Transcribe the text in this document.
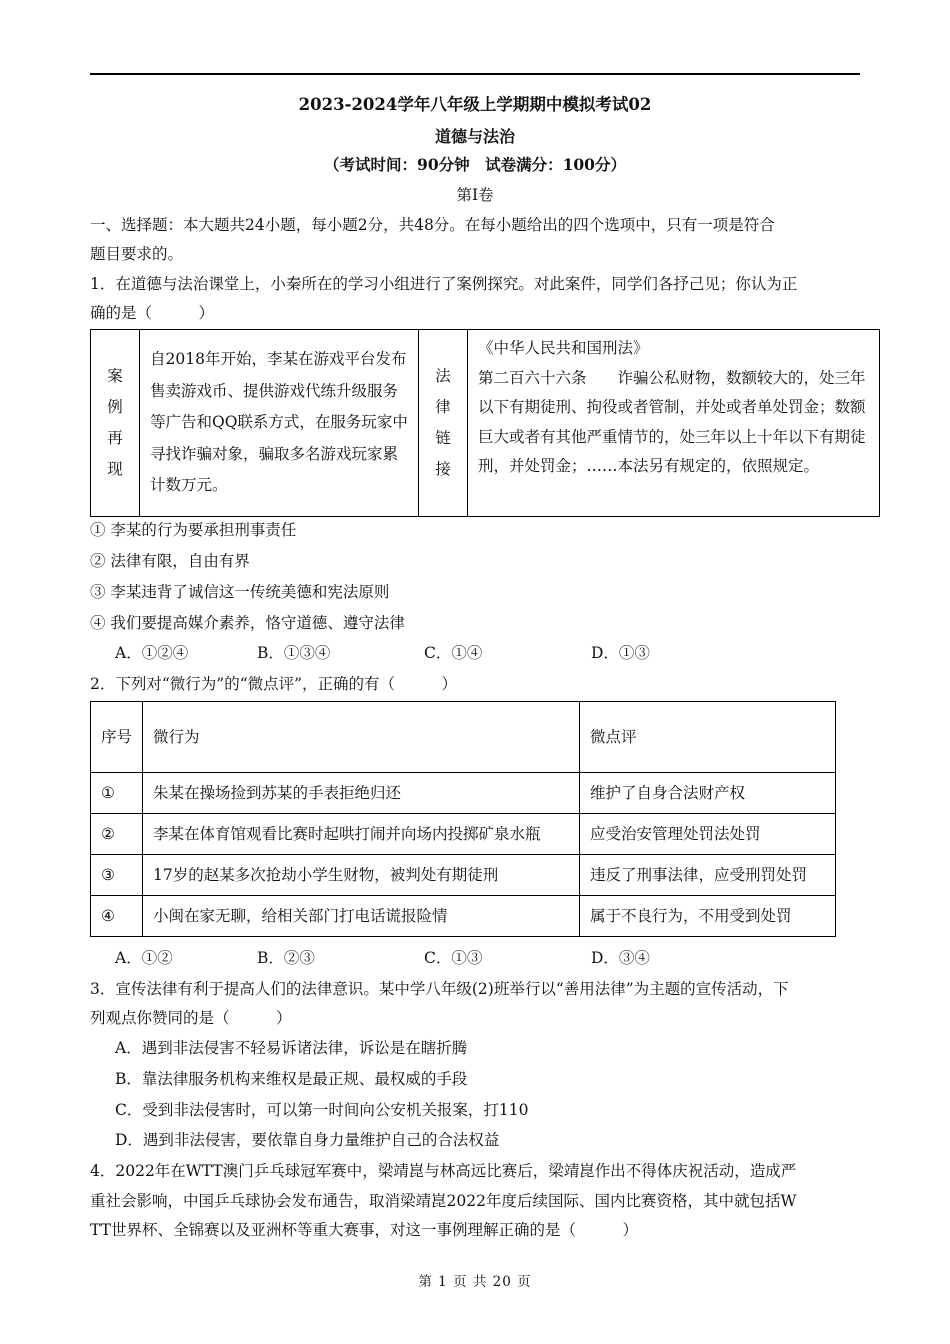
2023-2024学年八年级上学期期中模拟考试02
道德与法治
（考试时间：90分钟　试卷满分：100分）
第Ⅰ卷
一、选择题：本大题共24小题，每小题2分，共48分。在每小题给出的四个选项中，只有一项是符合
题目要求的。
1．在道德与法治课堂上，小秦所在的学习小组进行了案例探究。对此案件，同学们各抒己见；你认为正
确的是（　　　）
案 例 再 现
	自2018年开始，李某在游戏平台发布售卖游戏币、提供游戏代练升级服务等广告和QQ联系方式，在服务玩家中寻找诈骗对象，骗取多名游戏玩家累计数万元。	
法 律 链 接

《中华人民共和国刑法》
第二百六十六条　　诈骗公私财物，数额较大的，处三年以下有期徒刑、拘役或者管制，并处或者单处罚金；数额巨大或者有其他严重情节的，处三年以上十年以下有期徒刑，并处罚金；……本法另有规定的，依照规定。
① 李某的行为要承担刑事责任
② 法律有限，自由有界
③ 李某违背了诚信这一传统美德和宪法原则
④ 我们要提高媒介素养，恪守道德、遵守法律
A．①②④	B．①③④	C．①④	D．①③
2．下列对“微行为”的“微点评”，正确的有（　　　）
序号	微行为	微点评
①	朱某在操场捡到苏某的手表拒绝归还	维护了自身合法财产权
②	李某在体育馆观看比赛时起哄打闹并向场内投掷矿泉水瓶	应受治安管理处罚法处罚
③	17岁的赵某多次抢劫小学生财物，被判处有期徒刑	违反了刑事法律，应受刑罚处罚
④	小闽在家无聊，给相关部门打电话谎报险情	属于不良行为，不用受到处罚
A．①②	B．②③	C．①③	D．③④
3．宣传法律有利于提高人们的法律意识。某中学八年级(2)班举行以“善用法律”为主题的宣传活动，下
列观点你赞同的是（　　　）
A．遇到非法侵害不轻易诉诸法律，诉讼是在瞎折腾
B．靠法律服务机构来维权是最正规、最权威的手段
C．受到非法侵害时，可以第一时间向公安机关报案，打110
D．遇到非法侵害，要依靠自身力量维护自己的合法权益
4．2022年在WTT澳门乒乓球冠军赛中，梁靖崑与林高远比赛后，梁靖崑作出不得体庆祝活动，造成严
重社会影响，中国乒乓球协会发布通告，取消梁靖崑2022年度后续国际、国内比赛资格，其中就包括W
TT世界杯、全锦赛以及亚洲杯等重大赛事，对这一事例理解正确的是（　　　）
第 1 页 共 20 页
